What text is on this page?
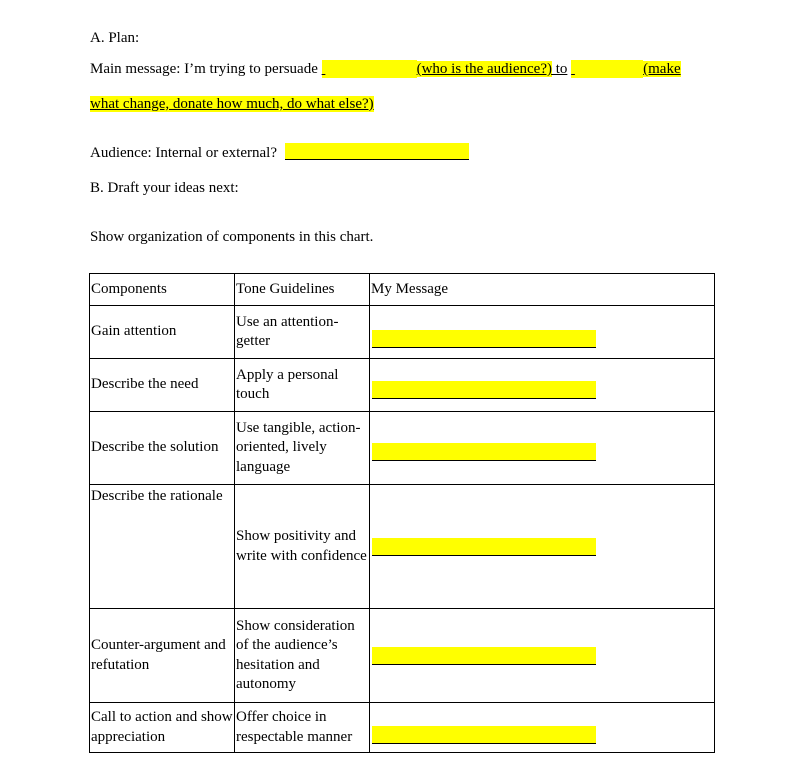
A. Plan:
Main message: I’m trying to persuade	(who is the audience?) to	(make
what change, donate how much, do what else?)
Audience: Internal or external?
B. Draft your ideas next:
Show organization of components in this chart.
Components	Tone Guidelines	My Message
Gain attention	Use an attention-getter	

Describe the need	Apply a personal touch	

Describe the solution	Use tangible, action-oriented, lively language	

Describe the rationale	Show positivity and write with confidence	

Counter-argument and refutation	Show consideration of the audience’s hesitation and autonomy	

Call to action and show appreciation	Offer choice in respectable manner	
